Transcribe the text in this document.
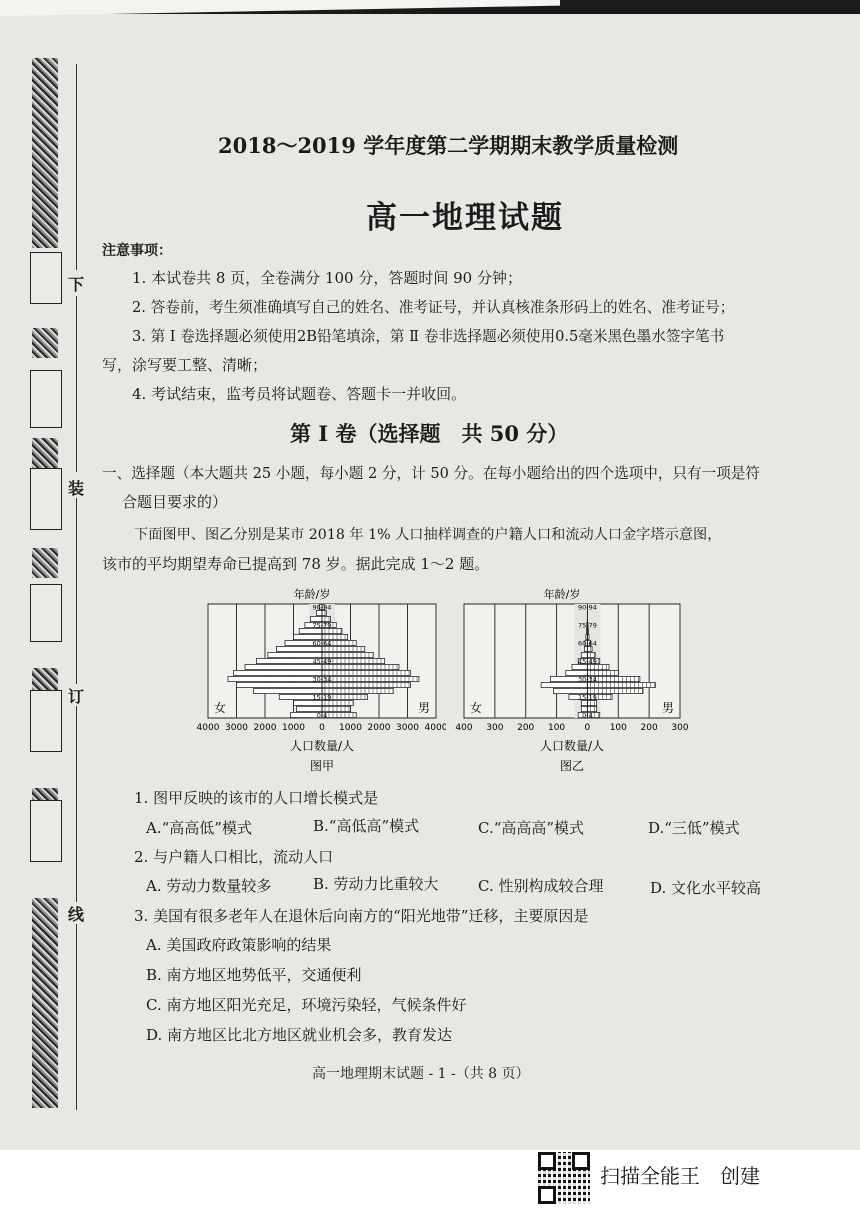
下
装
订
线
2018～2019 学年度第二学期期末教学质量检测
高一地理试题
注意事项：
1. 本试卷共 8 页，全卷满分 100 分，答题时间 90 分钟；
2. 答卷前，考生须准确填写自己的姓名、准考证号，并认真核准条形码上的姓名、准考证号；
3. 第 Ⅰ 卷选择题必须使用2B铅笔填涂，第 Ⅱ 卷非选择题必须使用0.5毫米黑色墨水签字笔书
写，涂写要工整、清晰；
4. 考试结束，监考员将试题卷、答题卡一并收回。
第 Ⅰ 卷（选择题　共 50 分）
一、选择题（本大题共 25 小题，每小题 2 分，计 50 分。在每小题给出的四个选项中，只有一项是符
合题目要求的）
下面图甲、图乙分别是某市 2018 年 1% 人口抽样调查的户籍人口和流动人口金字塔示意图，
该市的平均期望寿命已提高到 78 岁。据此完成 1～2 题。
年龄/岁
90-94
75-79
60-64
45-49
30-34
15-19
0-4
女	男
4000 3000 2000 1000 0 1000 2000 3000 4000
人口数量/人
图甲
年龄/岁
90-94
75-79
60-64
45-49
30-34
15-19
0-4
女	男
400 300 200 100 0 100 200 300
人口数量/人
图乙
1. 图甲反映的该市的人口增长模式是
A.“高高低”模式	B.“高低高”模式	C.“高高高”模式	D.“三低”模式
2. 与户籍人口相比，流动人口
A. 劳动力数量较多	B. 劳动力比重较大	C. 性别构成较合理	D. 文化水平较高
3. 美国有很多老年人在退休后向南方的“阳光地带”迁移，主要原因是
A. 美国政府政策影响的结果
B. 南方地区地势低平，交通便利
C. 南方地区阳光充足，环境污染轻，气候条件好
D. 南方地区比北方地区就业机会多，教育发达
高一地理期末试题 - 1 -（共 8 页）
扫描全能王　创建
